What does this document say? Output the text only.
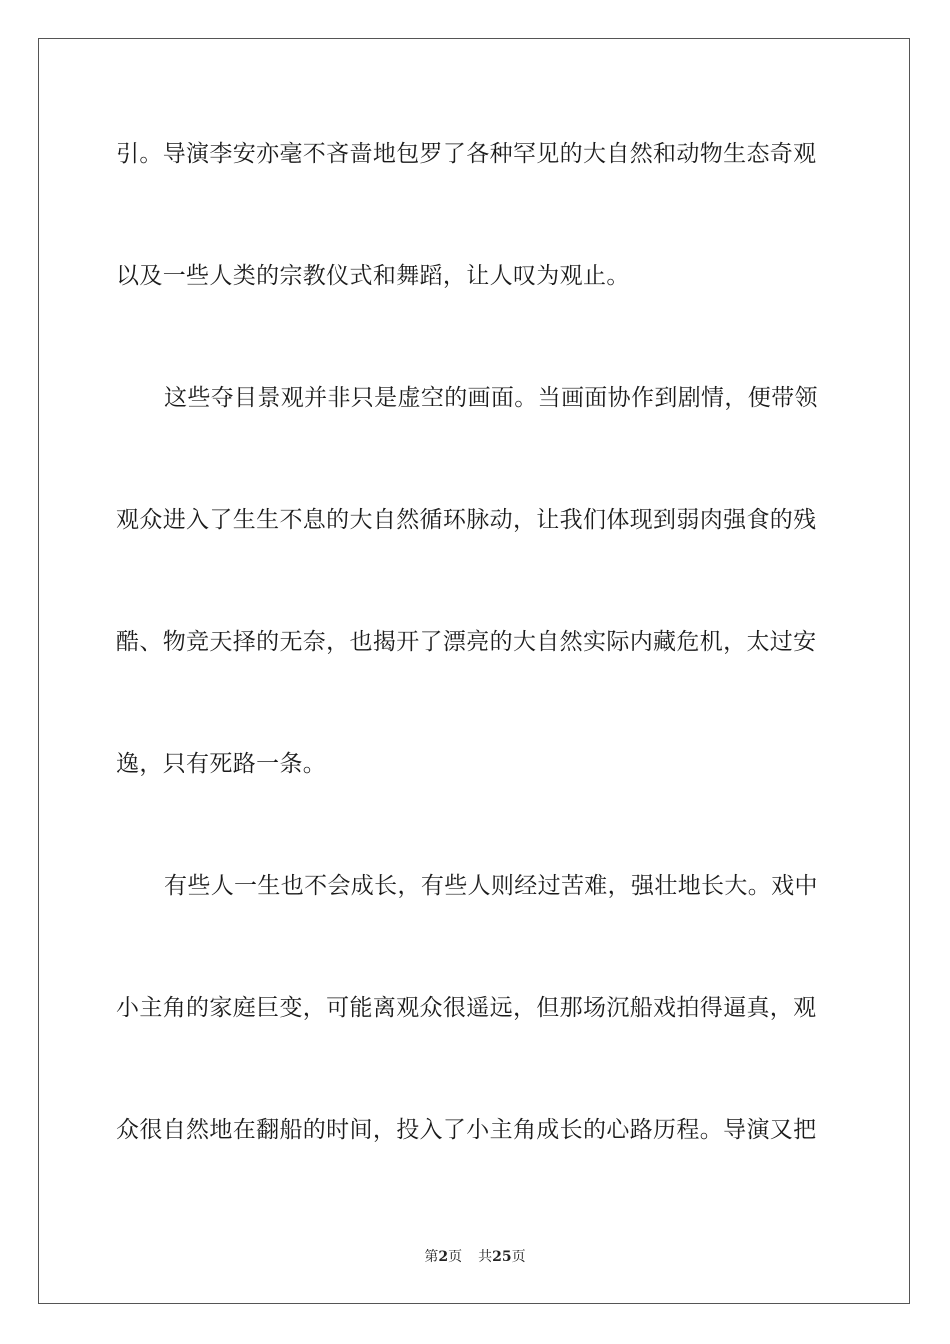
引。导演李安亦毫不吝啬地包罗了各种罕见的大自然和动物生态奇观
以及一些人类的宗教仪式和舞蹈，让人叹为观止。
这些夺目景观并非只是虚空的画面。当画面协作到剧情，便带领
观众进入了生生不息的大自然循环脉动，让我们体现到弱肉强食的残
酷、物竞天择的无奈，也揭开了漂亮的大自然实际内藏危机，太过安
逸，只有死路一条。
有些人一生也不会成长，有些人则经过苦难，强壮地长大。戏中
小主角的家庭巨变，可能离观众很遥远，但那场沉船戏拍得逼真，观
众很自然地在翻船的时间，投入了小主角成长的心路历程。导演又把
第2页 共25页
